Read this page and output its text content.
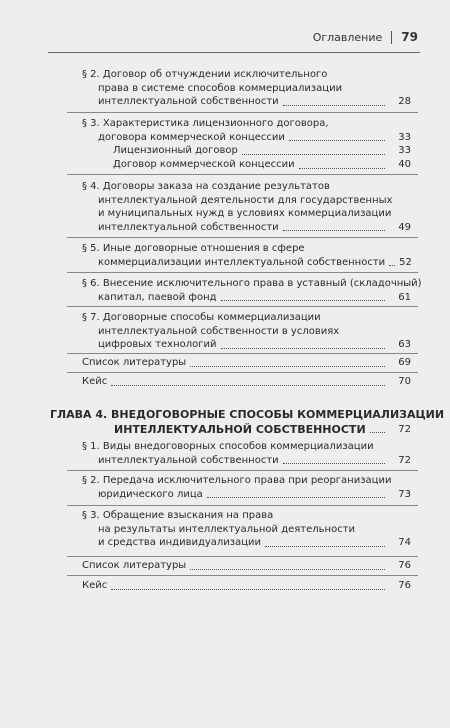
Оглавление 79
§ 2. Договор об отчуждении исключительного
права в системе способов коммерциализации
интеллектуальной собственности	28
§ 3. Характеристика лицензионного договора,
договора коммерческой концессии	33
Лицензионный договор	33
Договор коммерческой концессии	40
§ 4. Договоры заказа на создание результатов
интеллектуальной деятельности для государственных
и муниципальных нужд в условиях коммерциализации
интеллектуальной собственности	49
§ 5. Иные договорные отношения в сфере
коммерциализации интеллектуальной собственности 52
§ 6. Внесение исключительного права в уставный (складочный)
капитал, паевой фонд	61
§ 7. Договорные способы коммерциализации
интеллектуальной собственности в условиях
цифровых технологий	63
Список литературы	69
Кейс	70
ГЛАВА 4. ВНЕДОГОВОРНЫЕ СПОСОБЫ КОММЕРЦИАЛИЗАЦИИ
ИНТЕЛЛЕКТУАЛЬНОЙ СОБСТВЕННОСТИ	72
§ 1. Виды внедоговорных способов коммерциализации
интеллектуальной собственности	72
§ 2. Передача исключительного права при реорганизации
юридического лица	73
§ 3. Обращение взыскания на права
на результаты интеллектуальной деятельности
и средства индивидуализации	74
Список литературы	76
Кейс	76
